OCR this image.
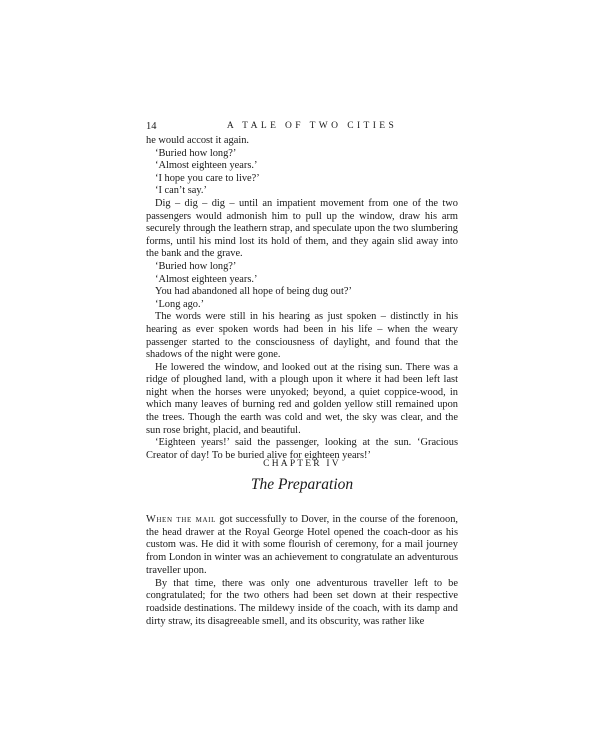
14	A TALE OF TWO CITIES

he would accost it again.

‘Buried how long?’

‘Almost eighteen years.’

‘I hope you care to live?’

‘I can’t say.’

Dig – dig – dig – until an impatient movement from one of the two passengers would admonish him to pull up the window, draw his arm securely through the leathern strap, and speculate upon the two slumbering forms, until his mind lost its hold of them, and they again slid away into the bank and the grave.

‘Buried how long?’

‘Almost eighteen years.’

You had abandoned all hope of being dug out?’

‘Long ago.’

The words were still in his hearing as just spoken – distinctly in his hearing as ever spoken words had been in his life – when the weary passenger started to the consciousness of daylight, and found that the shadows of the night were gone.

He lowered the window, and looked out at the rising sun. There was a ridge of ploughed land, with a plough upon it where it had been left last night when the horses were unyoked; beyond, a quiet coppice-wood, in which many leaves of burning red and golden yellow still remained upon the trees. Though the earth was cold and wet, the sky was clear, and the sun rose bright, placid, and beautiful.

‘Eighteen years!’ said the passenger, looking at the sun. ‘Gracious Creator of day! To be buried alive for eighteen years!’

CHAPTER IV
The Preparation

When the mail got successfully to Dover, in the course of the forenoon, the head drawer at the Royal George Hotel opened the coach-door as his custom was. He did it with some flourish of ceremony, for a mail journey from London in winter was an achievement to congratulate an adventurous traveller upon.

By that time, there was only one adventurous traveller left to be congratulated; for the two others had been set down at their respective roadside destinations. The mildewy inside of the coach, with its damp and dirty straw, its disagreeable smell, and its obscurity, was rather like
